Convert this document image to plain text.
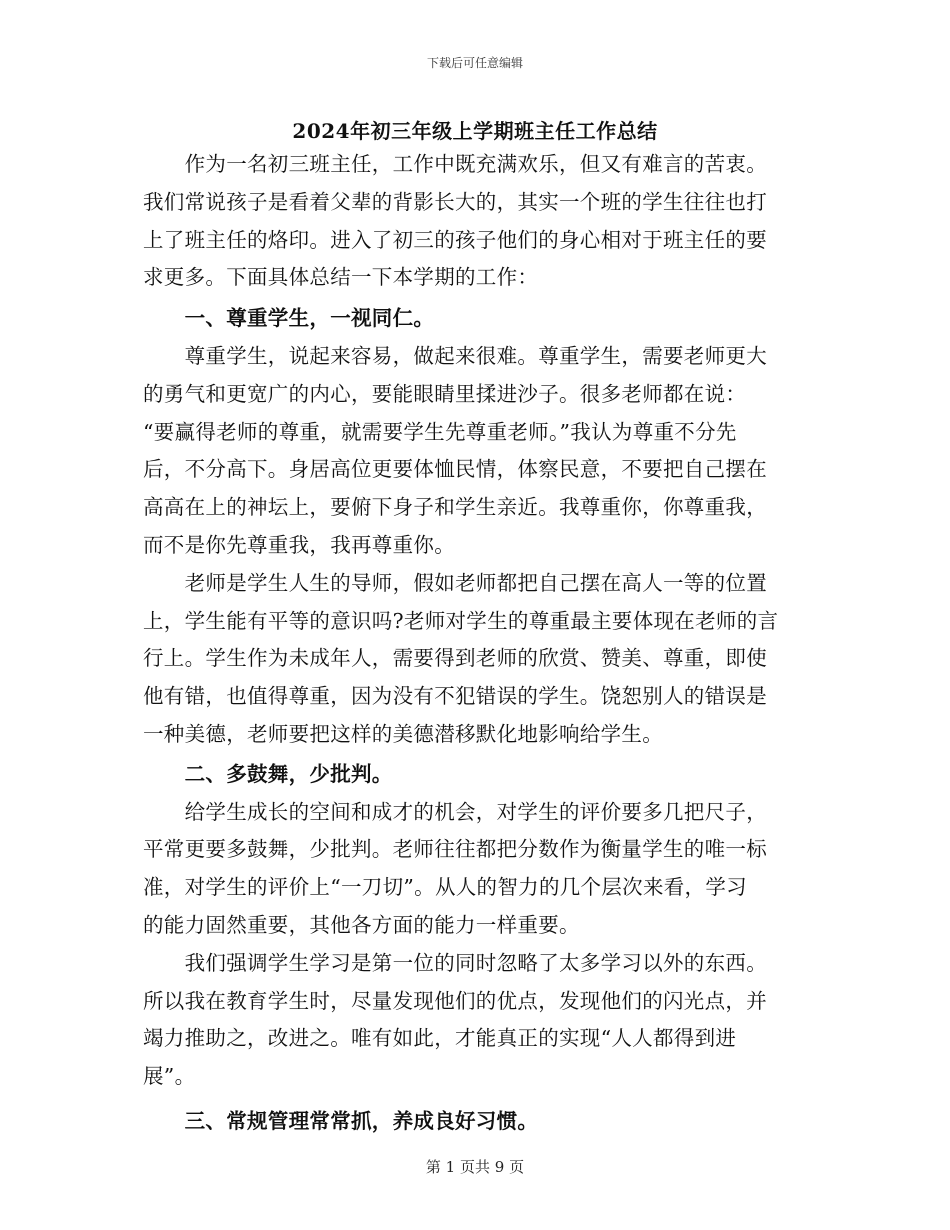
下载后可任意编辑
2024年初三年级上学期班主任工作总结
　　作为一名初三班主任，工作中既充满欢乐，但又有难言的苦衷。
我们常说孩子是看着父辈的背影长大的，其实一个班的学生往往也打
上了班主任的烙印。进入了初三的孩子他们的身心相对于班主任的要
求更多。下面具体总结一下本学期的工作：
　　一、尊重学生，一视同仁。
　　尊重学生，说起来容易，做起来很难。尊重学生，需要老师更大
的勇气和更宽广的内心，要能眼睛里揉进沙子。很多老师都在说：
“要赢得老师的尊重，就需要学生先尊重老师。”我认为尊重不分先
后，不分高下。身居高位更要体恤民情，体察民意，不要把自己摆在
高高在上的神坛上，要俯下身子和学生亲近。我尊重你，你尊重我，
而不是你先尊重我，我再尊重你。
　　老师是学生人生的导师，假如老师都把自己摆在高人一等的位置
上，学生能有平等的意识吗?老师对学生的尊重最主要体现在老师的言
行上。学生作为未成年人，需要得到老师的欣赏、赞美、尊重，即使
他有错，也值得尊重，因为没有不犯错误的学生。饶恕别人的错误是
一种美德，老师要把这样的美德潜移默化地影响给学生。
　　二、多鼓舞，少批判。
　　给学生成长的空间和成才的机会，对学生的评价要多几把尺子，
平常更要多鼓舞，少批判。老师往往都把分数作为衡量学生的唯一标
准，对学生的评价上“一刀切”。从人的智力的几个层次来看，学习
的能力固然重要，其他各方面的能力一样重要。
　　我们强调学生学习是第一位的同时忽略了太多学习以外的东西。
所以我在教育学生时，尽量发现他们的优点，发现他们的闪光点，并
竭力推助之，改进之。唯有如此，才能真正的实现“人人都得到进
展”。
　　三、常规管理常常抓，养成良好习惯。
第 1 页共 9 页
